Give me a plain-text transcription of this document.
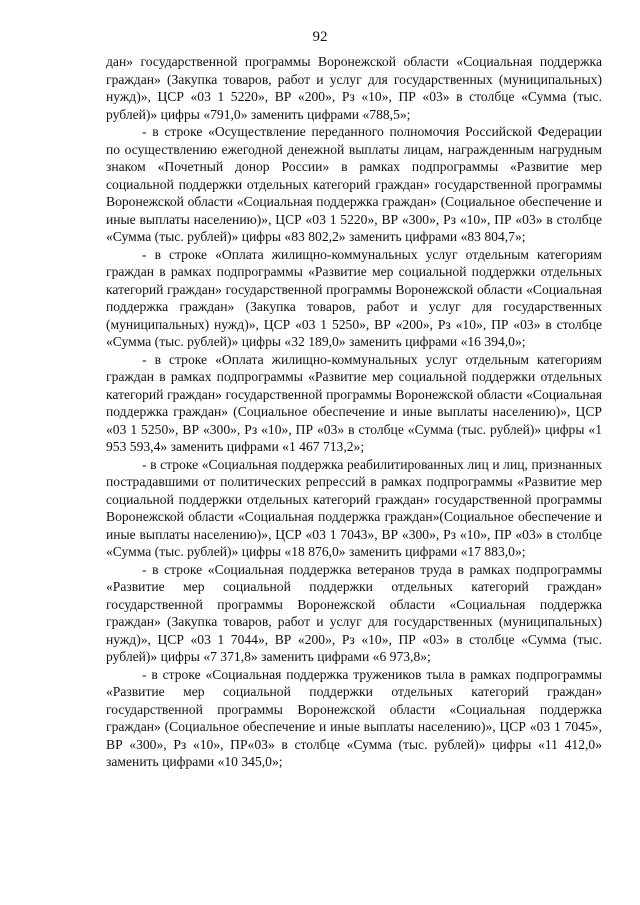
92

дан» государственной программы Воронежской области «Социальная поддержка граждан» (Закупка товаров, работ и услуг для государственных (муниципальных) нужд)», ЦСР «03 1 5220», ВР «200», Рз «10», ПР «03» в столбце «Сумма (тыс. рублей)» цифры «791,0» заменить цифрами «788,5»;

- в строке «Осуществление переданного полномочия Российской Федерации по осуществлению ежегодной денежной выплаты лицам, награжденным нагрудным знаком «Почетный донор России» в рамках подпрограммы «Развитие мер социальной поддержки отдельных категорий граждан» государственной программы Воронежской области «Социальная поддержка граждан» (Социальное обеспечение и иные выплаты населению)», ЦСР «03 1 5220», ВР «300», Рз «10», ПР «03» в столбце «Сумма (тыс. рублей)» цифры «83 802,2» заменить цифрами «83 804,7»;

- в строке «Оплата жилищно-коммунальных услуг отдельным категориям граждан в рамках подпрограммы «Развитие мер социальной поддержки отдельных категорий граждан» государственной программы Воронежской области «Социальная поддержка граждан» (Закупка товаров, работ и услуг для государственных (муниципальных) нужд)», ЦСР «03 1 5250», ВР «200», Рз «10», ПР «03» в столбце «Сумма (тыс. рублей)» цифры «32 189,0» заменить цифрами «16 394,0»;

- в строке «Оплата жилищно-коммунальных услуг отдельным категориям граждан в рамках подпрограммы «Развитие мер социальной поддержки отдельных категорий граждан» государственной программы Воронежской области «Социальная поддержка граждан» (Социальное обеспечение и иные выплаты населению)», ЦСР «03 1 5250», ВР «300», Рз «10», ПР «03» в столбце «Сумма (тыс. рублей)» цифры «1 953 593,4» заменить цифрами «1 467 713,2»;

- в строке «Социальная поддержка реабилитированных лиц и лиц, признанных пострадавшими от политических репрессий в рамках подпрограммы «Развитие мер социальной поддержки отдельных категорий граждан» государственной программы Воронежской области «Социальная поддержка граждан»(Социальное обеспечение и иные выплаты населению)», ЦСР «03 1 7043», ВР «300», Рз «10», ПР «03» в столбце «Сумма (тыс. рублей)» цифры «18 876,0» заменить цифрами «17 883,0»;

- в строке «Социальная поддержка ветеранов труда в рамках подпрограммы «Развитие мер социальной поддержки отдельных категорий граждан» государственной программы Воронежской области «Социальная поддержка граждан» (Закупка товаров, работ и услуг для государственных (муниципальных) нужд)», ЦСР «03 1 7044», ВР «200», Рз «10», ПР «03» в столбце «Сумма (тыс. рублей)» цифры «7 371,8» заменить цифрами «6 973,8»;

- в строке «Социальная поддержка тружеников тыла в рамках подпрограммы «Развитие мер социальной поддержки отдельных категорий граждан» государственной программы Воронежской области «Социальная поддержка граждан» (Социальное обеспечение и иные выплаты населению)», ЦСР «03 1 7045», ВР «300», Рз «10», ПР«03» в столбце «Сумма (тыс. рублей)» цифры «11 412,0» заменить цифрами «10 345,0»;
